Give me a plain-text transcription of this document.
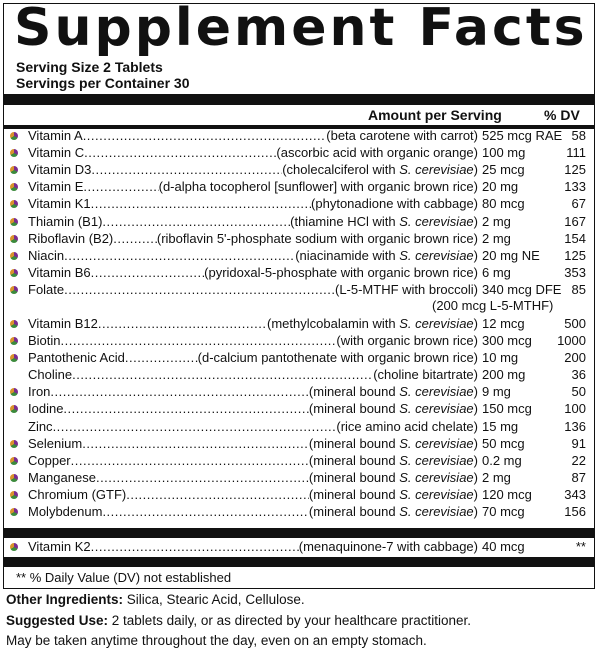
Supplement Facts
Serving Size 2 Tablets
Servings per Container 30
Amount per Serving	% DV
Vitamin A .....	(beta carotene with carrot) 525 mcg RAE 58
Vitamin C .....	(ascorbic acid with organic orange) 100 mg	111
Vitamin D3 .....	(cholecalciferol with S. cerevisiae) 25 mcg	125
Vitamin E .....	(d-alpha tocopherol [sunflower] with organic brown rice) 20 mg	133
Vitamin K1 .....	(phytonadione with cabbage) 80 mcg	67
Thiamin (B1) .....	(thiamine HCl with S. cerevisiae) 2 mg	167
Riboflavin (B2) .....	(riboflavin 5'-phosphate sodium with organic brown rice) 2 mg	154
Niacin .....	(niacinamide with S. cerevisiae) 20 mg NE 125
Vitamin B6 .....	(pyridoxal-5-phosphate with organic brown rice) 6 mg	353
Folate .....	(L-5-MTHF with broccoli) 340 mcg DFE 85
(200 mcg L-5-MTHF)
Vitamin B12 .....	(methylcobalamin with S. cerevisiae) 12 mcg	500
Biotin .....	(with organic brown rice) 300 mcg 1000
Pantothenic Acid .....	(d-calcium pantothenate with organic brown rice) 10 mg	200
Choline .....	(choline bitartrate) 200 mg	36
Iron .....	(mineral bound S. cerevisiae) 9 mg	50
Iodine .....	(mineral bound S. cerevisiae) 150 mcg 100
Zinc .....	(rice amino acid chelate) 15 mg	136
Selenium .....	(mineral bound S. cerevisiae) 50 mcg	91
Copper .....	(mineral bound S. cerevisiae) 0.2 mg	22
Manganese .....	(mineral bound S. cerevisiae) 2 mg	87
Chromium (GTF) .....	(mineral bound S. cerevisiae) 120 mcg 343
Molybdenum .....	(mineral bound S. cerevisiae) 70 mcg	156
Vitamin K2 .....	(menaquinone-7 with cabbage) 40 mcg	**
** % Daily Value (DV) not established
Other Ingredients: Silica, Stearic Acid, Cellulose.
Suggested Use: 2 tablets daily, or as directed by your healthcare practitioner.
May be taken anytime throughout the day, even on an empty stomach.
